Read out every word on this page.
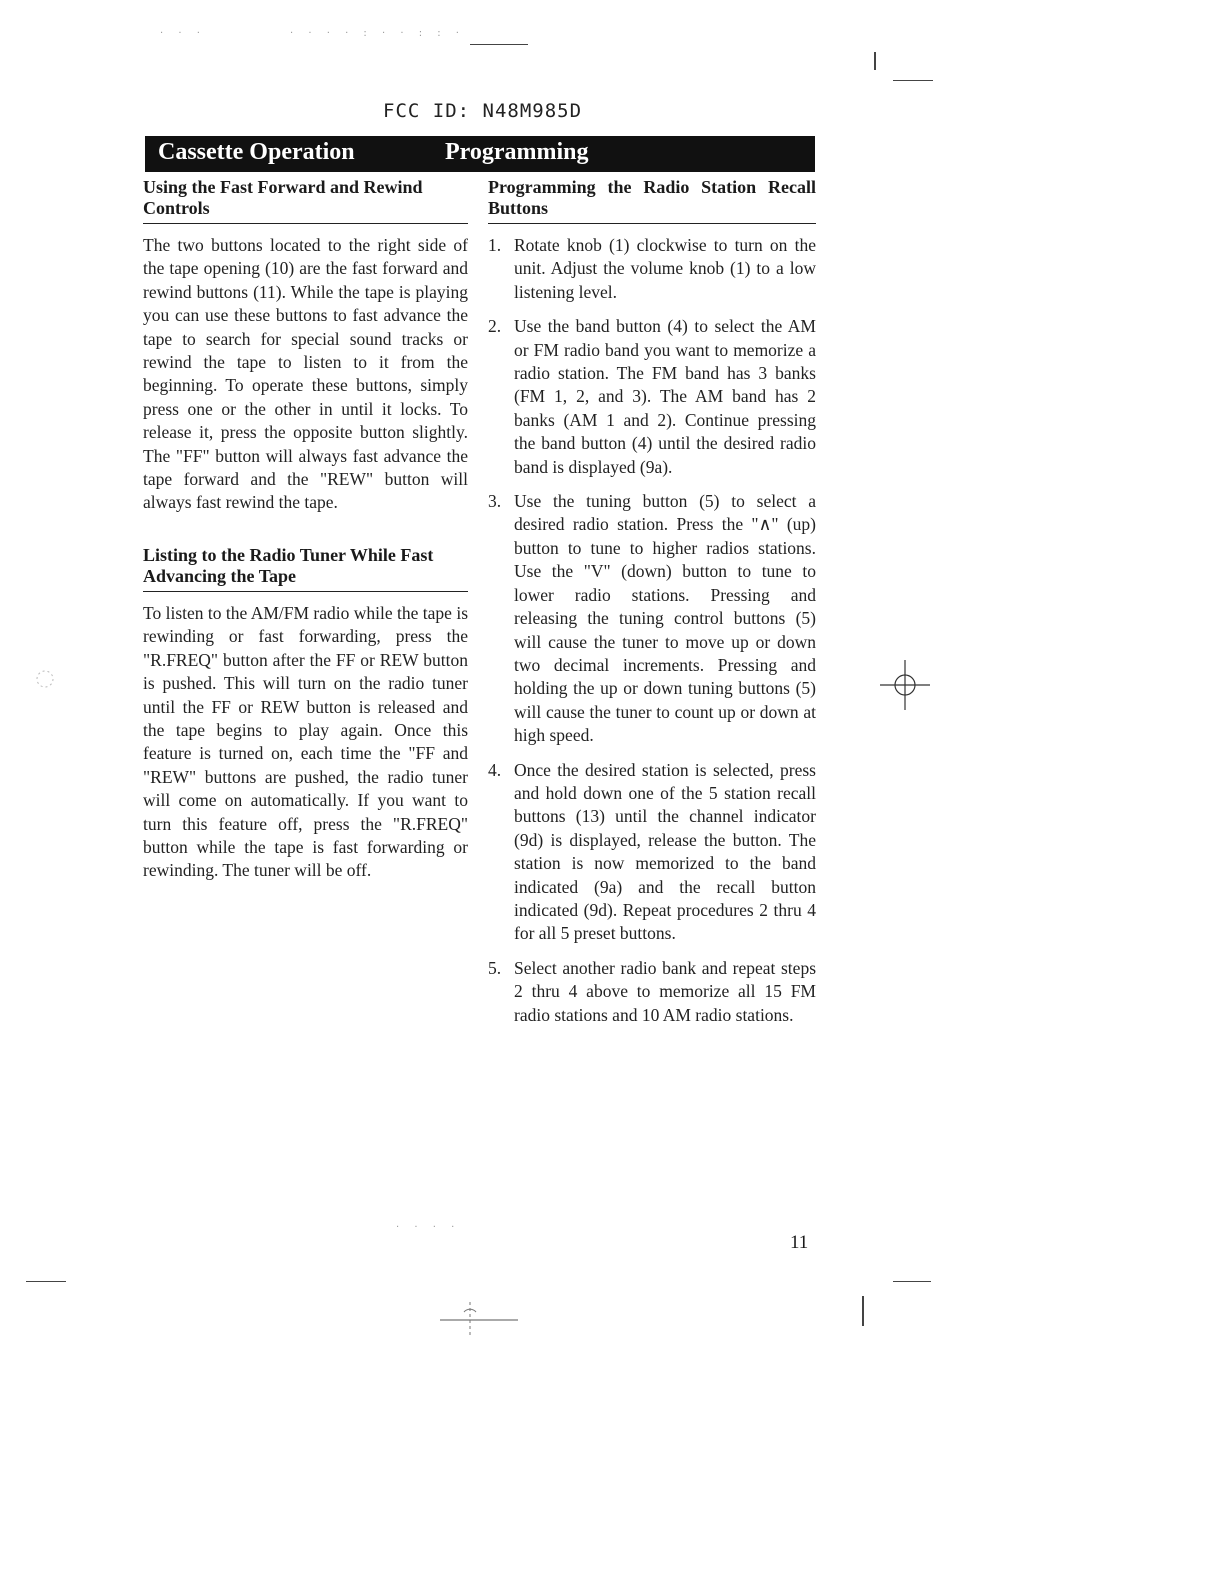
· · ·	· · · · : · · : : ·
FCC ID: N48M985D
Cassette Operation	Programming
Using the Fast Forward and Rewind Controls

The two buttons located to the right side of the tape opening (10) are the fast forward and rewind buttons (11). While the tape is playing you can use these buttons to fast advance the tape to search for special sound tracks or rewind the tape to listen to it from the beginning. To operate these buttons, simply press one or the other in until it locks. To release it, press the opposite button slightly. The "FF" button will always fast advance the tape forward and the "REW" button will always fast rewind the tape.

Listing to the Radio Tuner While Fast Advancing the Tape

To listen to the AM/FM radio while the tape is rewinding or fast forwarding, press the "R.FREQ" button after the FF or REW button is pushed. This will turn on the radio tuner until the FF or REW button is released and the tape begins to play again. Once this feature is turned on, each time the "FF and "REW" buttons are pushed, the radio tuner will come on automatically. If you want to turn this feature off, press the "R.FREQ" button while the tape is fast forwarding or rewinding. The tuner will be off.

Programming the Radio Station Recall Buttons
1. Rotate knob (1) clockwise to turn on the unit. Adjust the volume knob (1) to a low listening level.
2. Use the band button (4) to select the AM or FM radio band you want to memorize a radio station. The FM band has 3 banks (FM 1, 2, and 3). The AM band has 2 banks (AM 1 and 2). Continue pressing the band button (4) until the desired radio band is displayed (9a).
3. Use the tuning button (5) to select a desired radio station. Press the "∧" (up) button to tune to higher radios stations. Use the "V" (down) button to tune to lower radio stations. Pressing and releasing the tuning control buttons (5) will cause the tuner to move up or down two decimal increments. Pressing and holding the up or down tuning buttons (5) will cause the tuner to count up or down at high speed.
4. Once the desired station is selected, press and hold down one of the 5 station recall buttons (13) until the channel indicator (9d) is displayed, release the button. The station is now memorized to the band indicated (9a) and the recall button indicated (9d). Repeat procedures 2 thru 4 for all 5 preset buttons.
5. Select another radio bank and repeat steps 2 thru 4 above to memorize all 15 FM radio stations and 10 AM radio stations.
11
· · · ·
